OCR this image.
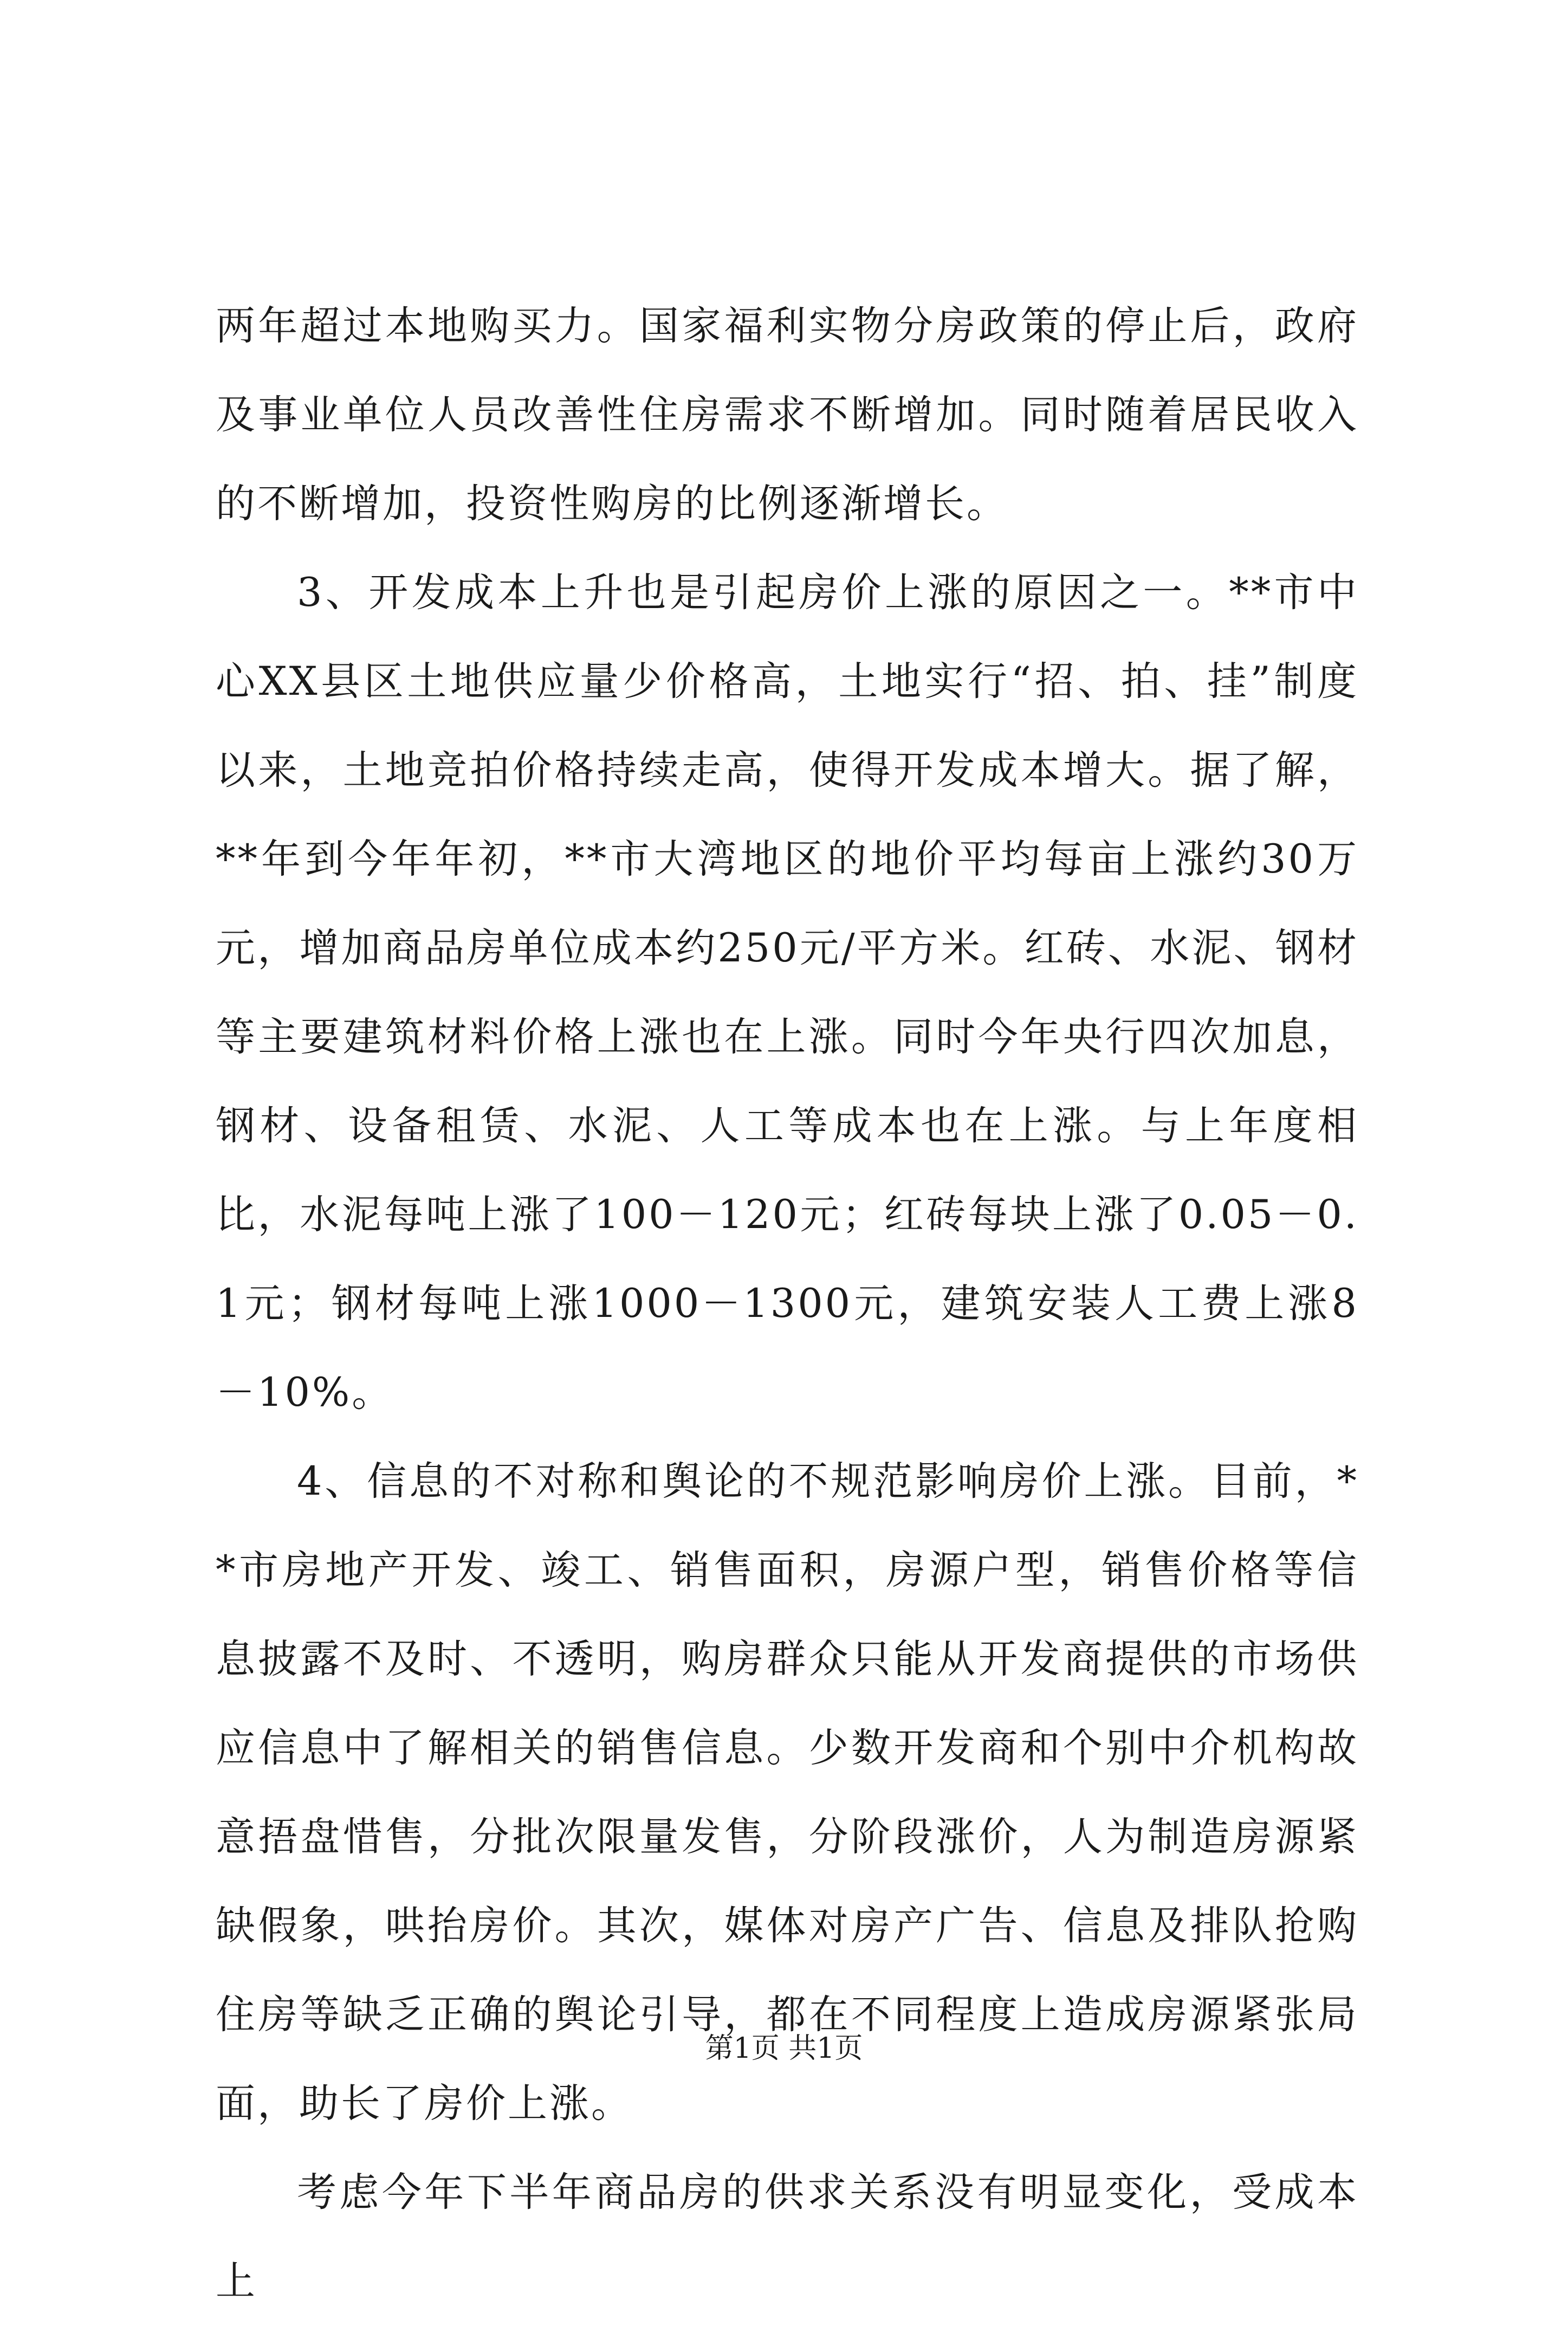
两年超过本地购买力。国家福利实物分房政策的停止后，政府及事业单位人员改善性住房需求不断增加。同时随着居民收入的不断增加，投资性购房的比例逐渐增长。

3、开发成本上升也是引起房价上涨的原因之一。**市中心XX县区土地供应量少价格高，土地实行“招、拍、挂”制度以来，土地竞拍价格持续走高，使得开发成本增大。据了解，**年到今年年初，**市大湾地区的地价平均每亩上涨约30万元，增加商品房单位成本约250元/平方米。红砖、水泥、钢材等主要建筑材料价格上涨也在上涨。同时今年央行四次加息，钢材、设备租赁、水泥、人工等成本也在上涨。与上年度相比，水泥每吨上涨了100－120元；红砖每块上涨了0.05－0.1元；钢材每吨上涨1000－1300元，建筑安装人工费上涨8－10%。

4、信息的不对称和舆论的不规范影响房价上涨。目前，**市房地产开发、竣工、销售面积，房源户型，销售价格等信息披露不及时、不透明，购房群众只能从开发商提供的市场供应信息中了解相关的销售信息。少数开发商和个别中介机构故意捂盘惜售，分批次限量发售，分阶段涨价，人为制造房源紧缺假象，哄抬房价。其次，媒体对房产广告、信息及排队抢购住房等缺乏正确的舆论引导，都在不同程度上造成房源紧张局面，助长了房价上涨。

考虑今年下半年商品房的供求关系没有明显变化，受成本上

第1页 共1页
